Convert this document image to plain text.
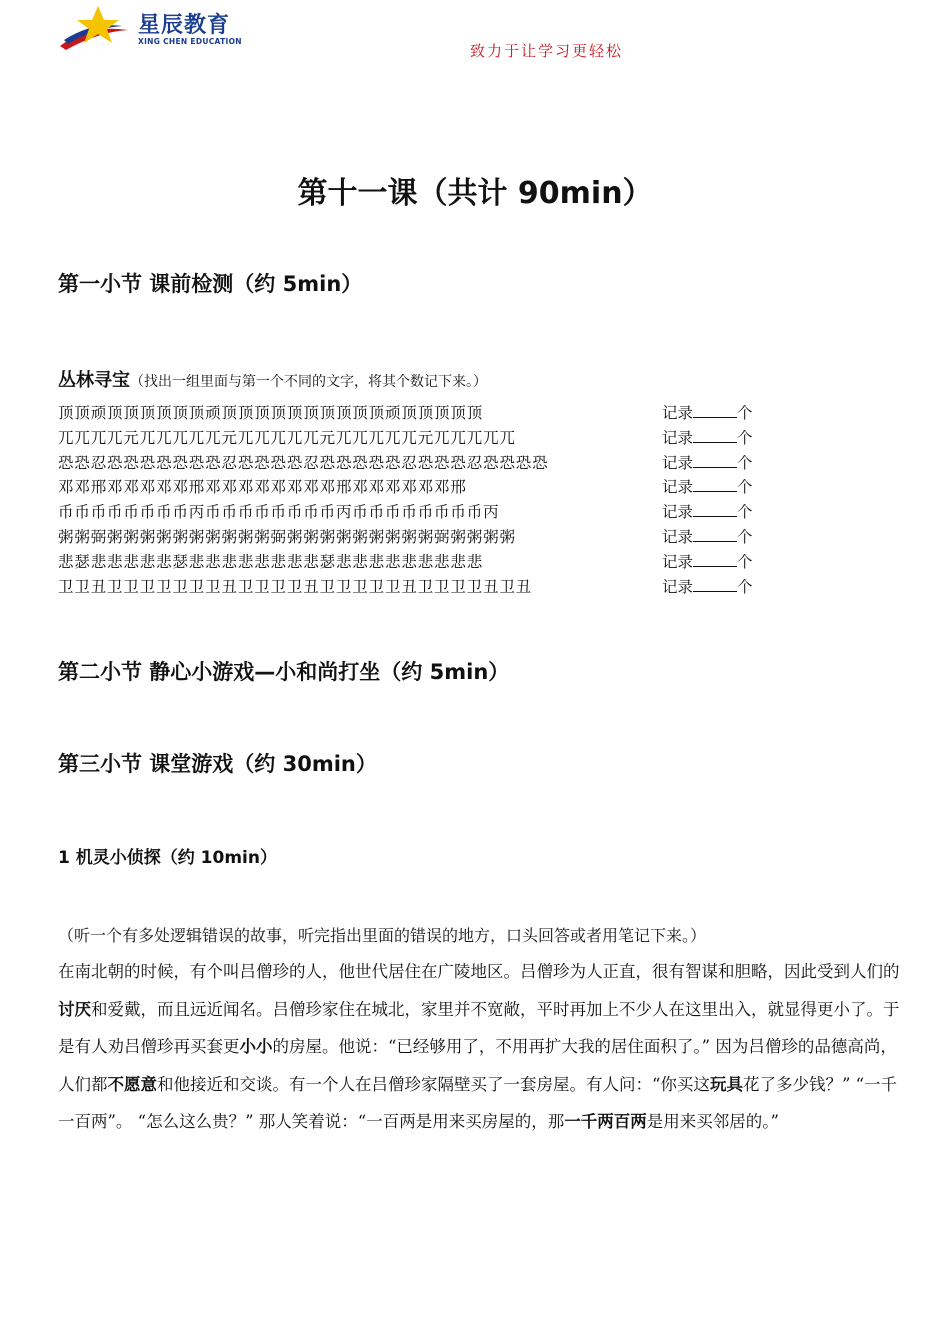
星辰教育
XING CHEN EDUCATION
致力于让学习更轻松
第十一课（共计 90min）
第一小节 课前检测（约 5min）
丛林寻宝（找出一组里面与第一个不同的文字，将其个数记下来。）
顶顶顽顶顶顶顶顶顶顽顶顶顶顶顶顶顶顶顶顶顽顶顶顶顶顶	记录	个
兀兀兀兀元兀兀兀兀兀元兀兀兀兀兀元兀兀兀兀兀元兀兀兀兀兀	记录	个
恐恐忍恐恐恐恐恐恐恐忍恐恐恐恐忍恐恐恐恐恐忍恐恐恐忍恐恐恐恐	记录	个
邓邓邢邓邓邓邓邓邢邓邓邓邓邓邓邓邓邢邓邓邓邓邓邓邢	记录	个
币币币币币币币币丙币币币币币币币币丙币币币币币币币币丙	记录	个
粥粥弼粥粥粥粥粥粥粥粥粥粥弼粥粥粥粥粥粥粥粥粥弼粥粥粥粥	记录	个
悲瑟悲悲悲悲悲瑟悲悲悲悲悲悲悲悲瑟悲悲悲悲悲悲悲悲悲	记录	个
卫卫丑卫卫卫卫卫卫卫丑卫卫卫卫丑卫卫卫卫卫丑卫卫卫卫丑卫丑	记录	个
第二小节 静心小游戏—小和尚打坐（约 5min）
第三小节 课堂游戏（约 30min）
1 机灵小侦探（约 10min）
（听一个有多处逻辑错误的故事，听完指出里面的错误的地方，口头回答或者用笔记下来。）
在南北朝的时候，有个叫吕僧珍的人，他世代居住在广陵地区。吕僧珍为人正直，很有智谋和胆略，因此受到人们的讨厌和爱戴，而且远近闻名。吕僧珍家住在城北，家里并不宽敞，平时再加上不少人在这里出入，就显得更小了。于是有人劝吕僧珍再买套更小小的房屋。他说：“已经够用了，不用再扩大我的居住面积了。” 因为吕僧珍的品德高尚，人们都不愿意和他接近和交谈。有一个人在吕僧珍家隔壁买了一套房屋。有人问：“你买这玩具花了多少钱？” “一千一百两”。 “怎么这么贵？” 那人笑着说：“一百两是用来买房屋的，那一千两百两是用来买邻居的。”
